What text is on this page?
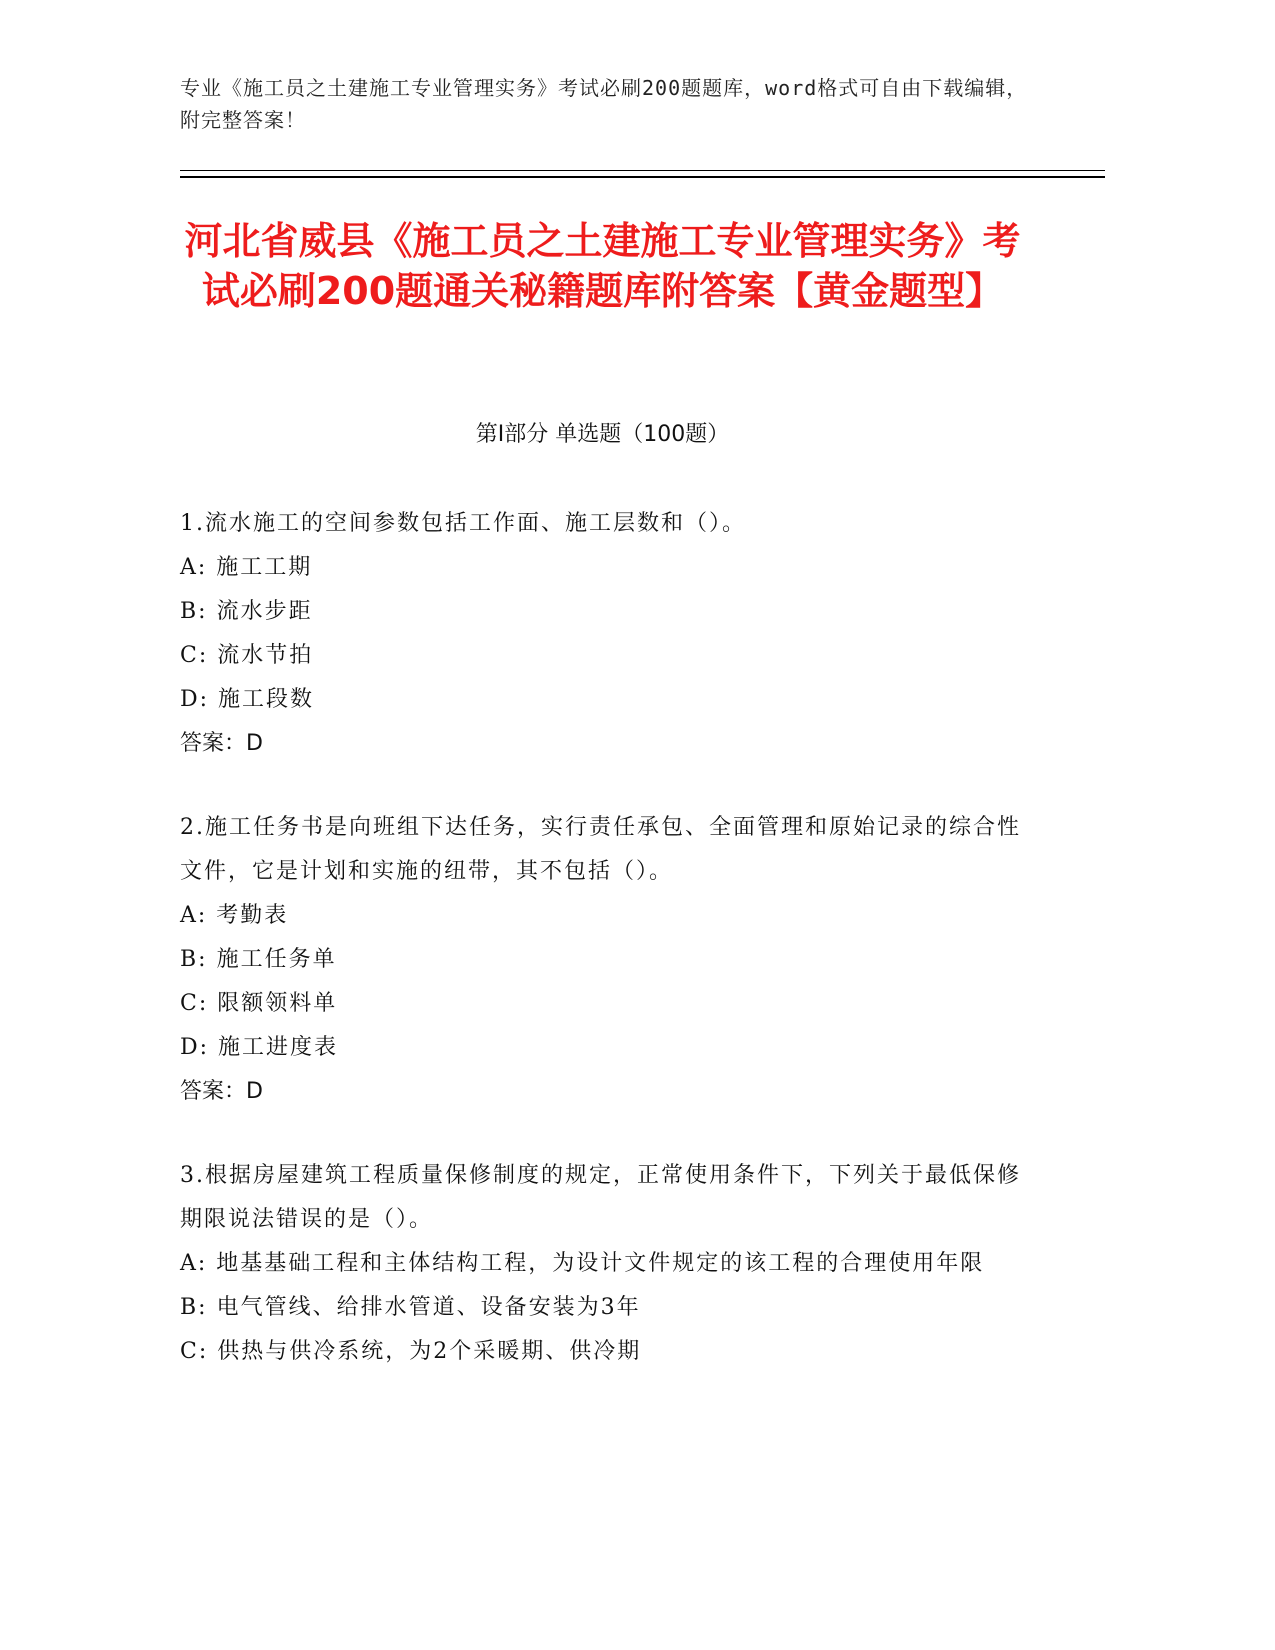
专业《施工员之土建施工专业管理实务》考试必刷200题题库，word格式可自由下载编辑，附完整答案！
河北省威县《施工员之土建施工专业管理实务》考试必刷200题通关秘籍题库附答案【黄金题型】
第Ⅰ部分 单选题（100题）
1.流水施工的空间参数包括工作面、施工层数和（）。
A: 施工工期
B: 流水步距
C: 流水节拍
D: 施工段数
答案：D
2.施工任务书是向班组下达任务，实行责任承包、全面管理和原始记录的综合性文件，它是计划和实施的纽带，其不包括（）。
A: 考勤表
B: 施工任务单
C: 限额领料单
D: 施工进度表
答案：D
3.根据房屋建筑工程质量保修制度的规定，正常使用条件下，下列关于最低保修期限说法错误的是（）。
A: 地基基础工程和主体结构工程，为设计文件规定的该工程的合理使用年限
B: 电气管线、给排水管道、设备安装为3年
C: 供热与供冷系统，为2个采暖期、供冷期
